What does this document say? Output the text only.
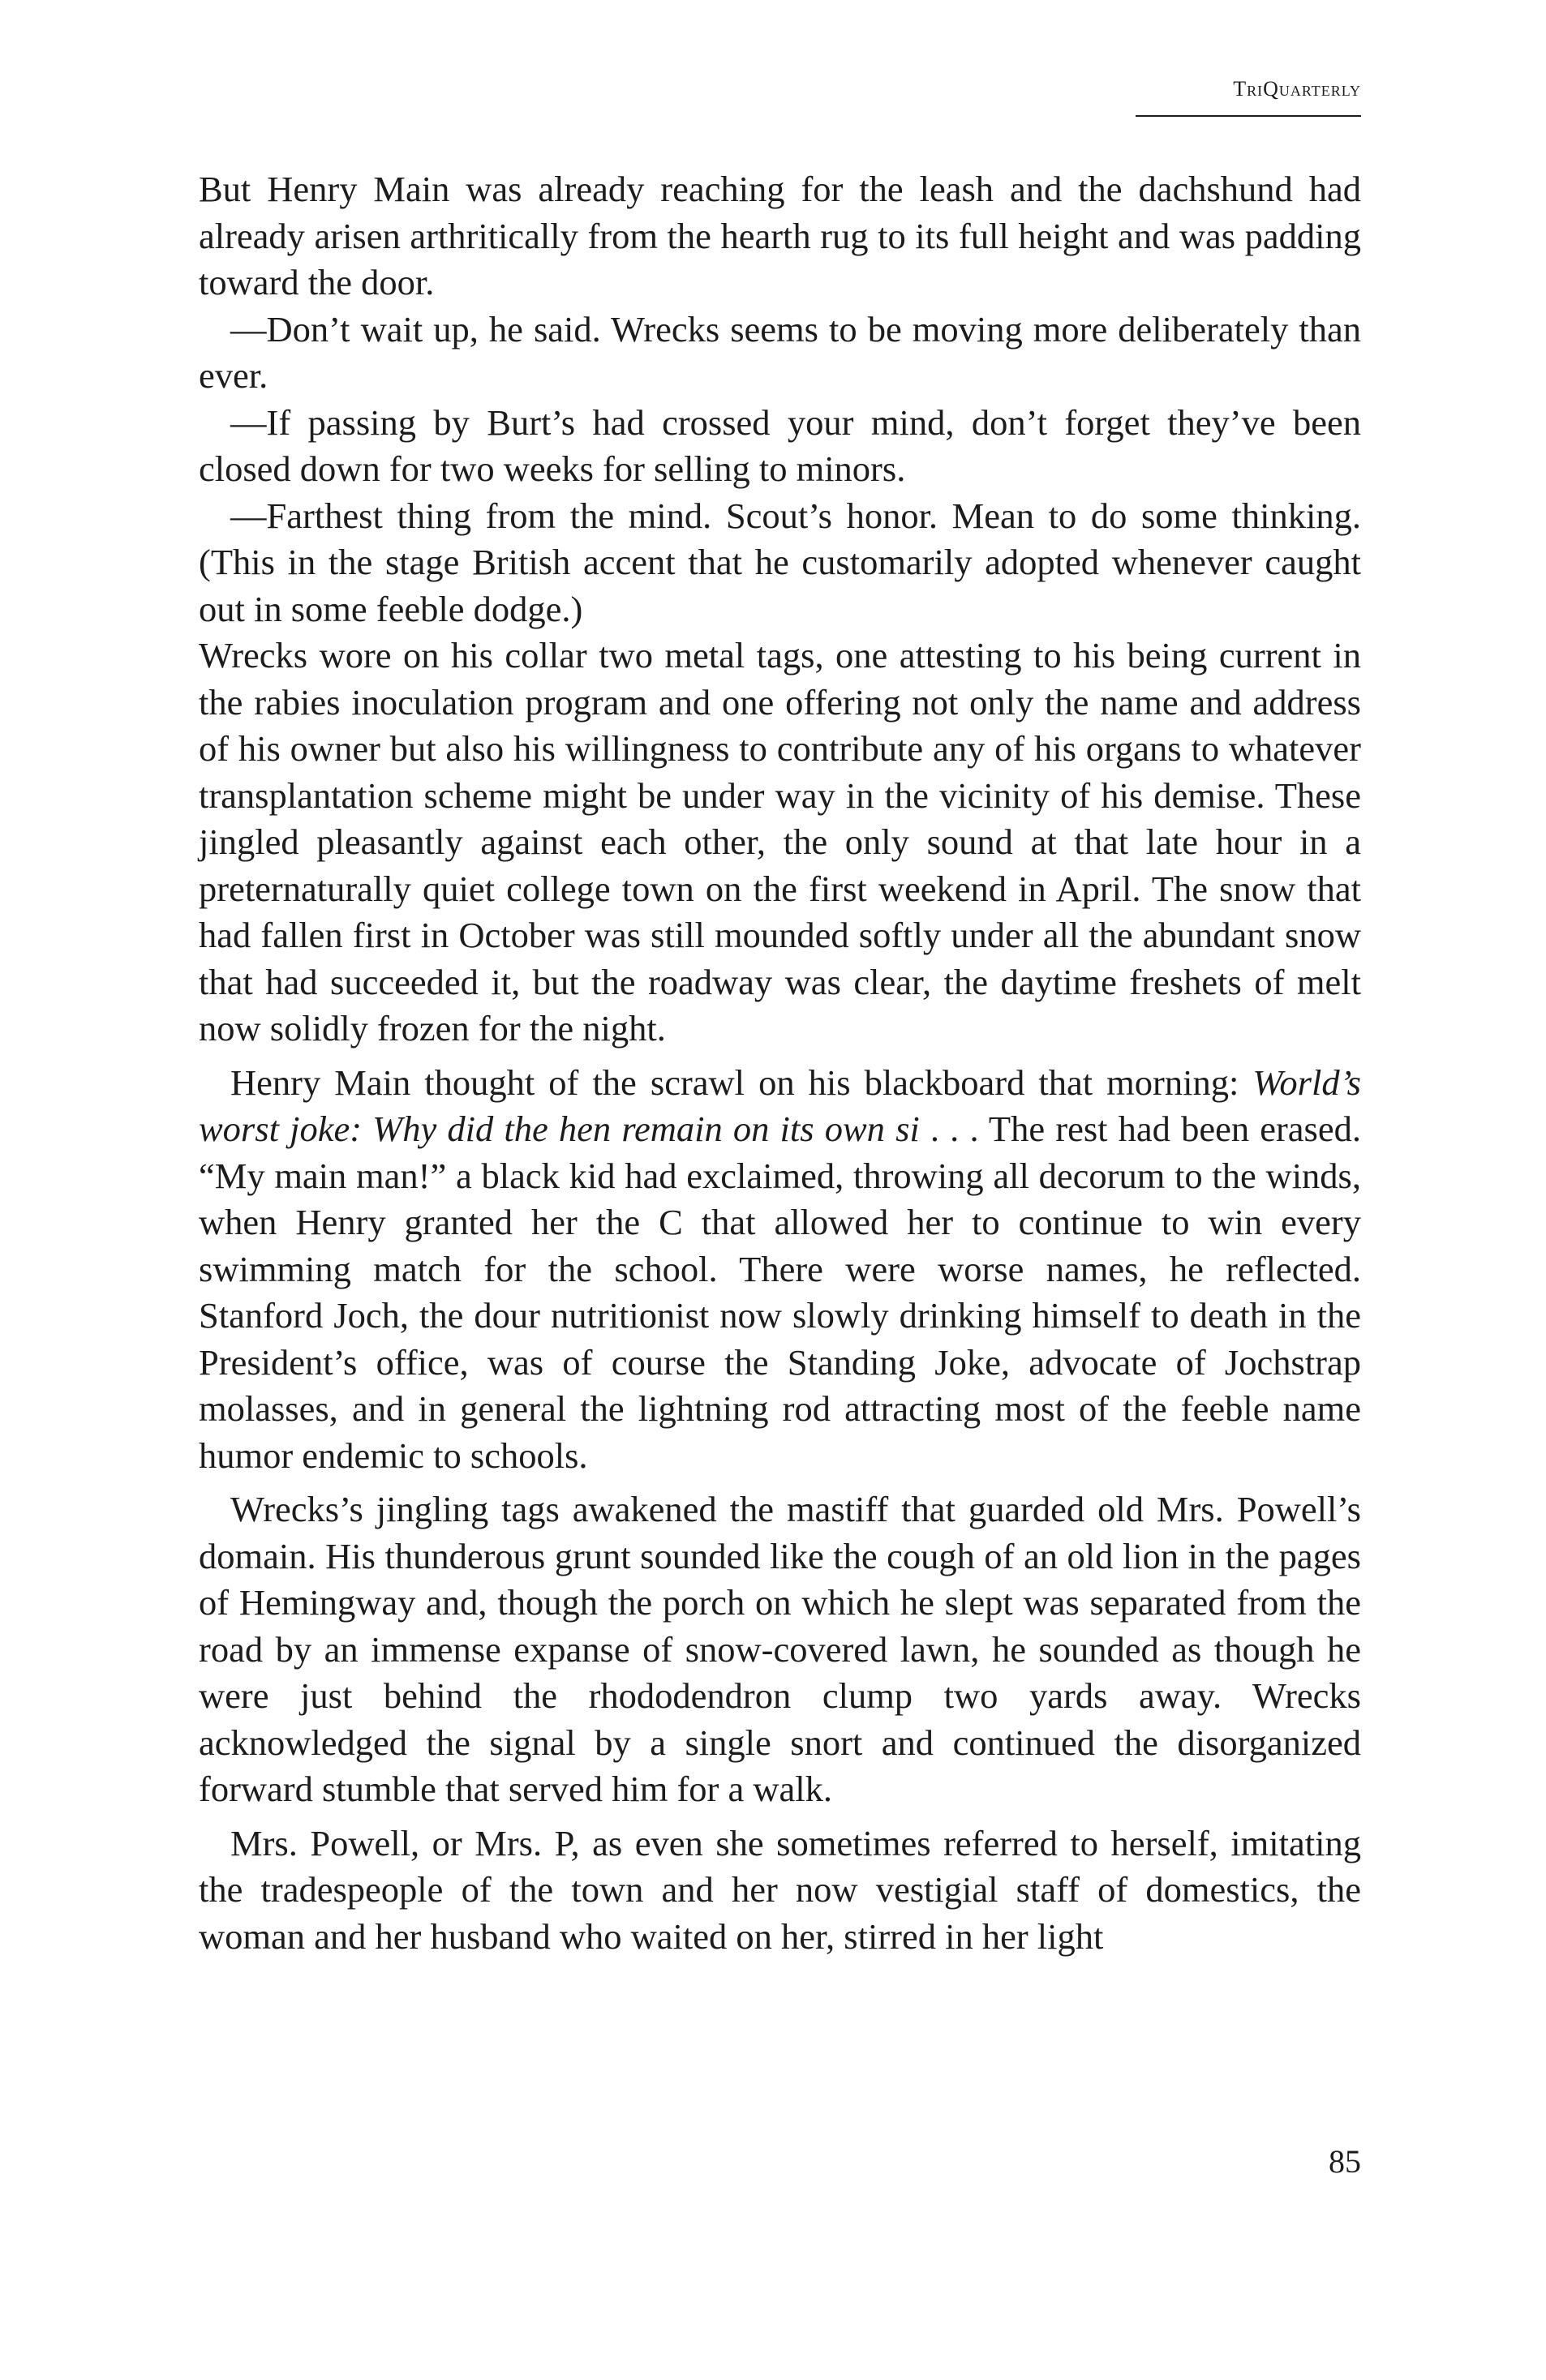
TriQuarterly

But Henry Main was already reaching for the leash and the dachshund had already arisen arthritically from the hearth rug to its full height and was padding toward the door.

—Don’t wait up, he said. Wrecks seems to be moving more deliberately than ever.

—If passing by Burt’s had crossed your mind, don’t forget they’ve been closed down for two weeks for selling to minors.

—Farthest thing from the mind. Scout’s honor. Mean to do some thinking. (This in the stage British accent that he customarily adopted whenever caught out in some feeble dodge.)

Wrecks wore on his collar two metal tags, one attesting to his being current in the rabies inoculation program and one offering not only the name and address of his owner but also his willingness to contribute any of his organs to whatever transplantation scheme might be under way in the vicinity of his demise. These jingled pleasantly against each other, the only sound at that late hour in a preternaturally quiet college town on the first weekend in April. The snow that had fallen first in October was still mounded softly under all the abundant snow that had succeeded it, but the roadway was clear, the daytime freshets of melt now solidly frozen for the night.

Henry Main thought of the scrawl on his blackboard that morning: World’s worst joke: Why did the hen remain on its own si . . . The rest had been erased. “My main man!” a black kid had exclaimed, throwing all decorum to the winds, when Henry granted her the C that allowed her to continue to win every swimming match for the school. There were worse names, he reflected. Stanford Joch, the dour nutritionist now slowly drinking himself to death in the President’s office, was of course the Standing Joke, advocate of Jochstrap molasses, and in general the lightning rod attracting most of the feeble name humor endemic to schools.

Wrecks’s jingling tags awakened the mastiff that guarded old Mrs. Powell’s domain. His thunderous grunt sounded like the cough of an old lion in the pages of Hemingway and, though the porch on which he slept was separated from the road by an immense expanse of snow-covered lawn, he sounded as though he were just behind the rhododendron clump two yards away. Wrecks acknowledged the signal by a single snort and continued the disorganized forward stumble that served him for a walk.

Mrs. Powell, or Mrs. P, as even she sometimes referred to herself, imitating the tradespeople of the town and her now vestigial staff of domestics, the woman and her husband who waited on her, stirred in her light

85
